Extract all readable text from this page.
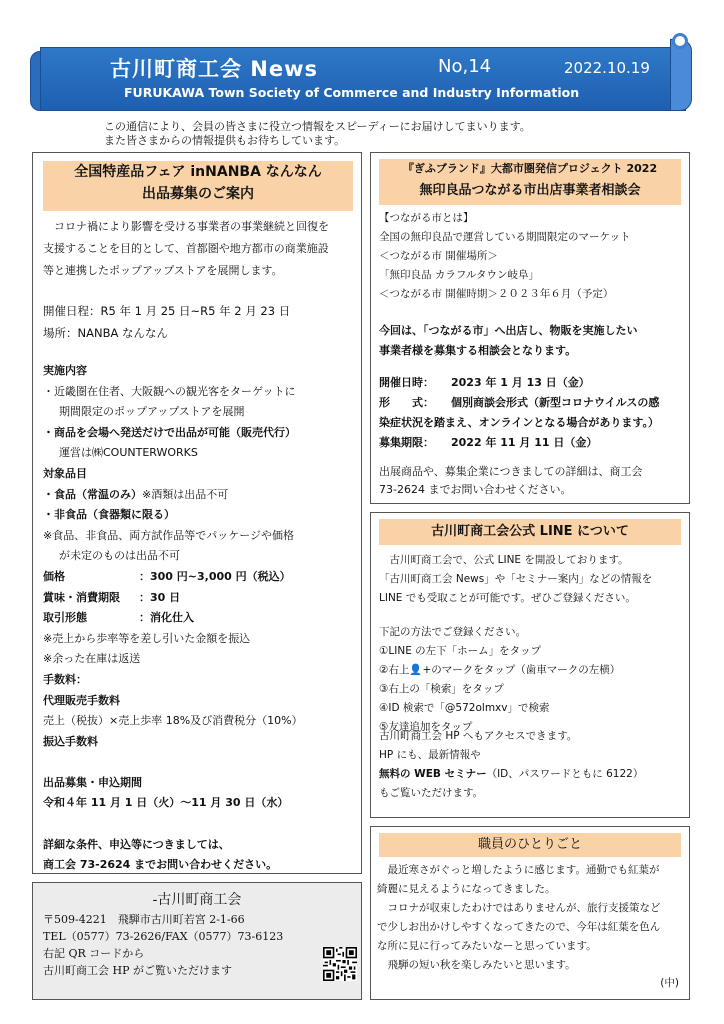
古川町商工会 News	No,14	2022.10.19
FURUKAWA Town Society of Commerce and Industry Information
この通信により、会員の皆さまに役立つ情報をスピーディーにお届けしてまいります。
また皆さまからの情報提供もお待ちしています。
全国特産品フェア inNANBA なんなん
出品募集のご案内
　コロナ禍により影響を受ける事業者の事業継続と回復を
支援することを目的として、首都圏や地方都市の商業施設
等と連携したポップアップストアを展開します。
開催日程：R5 年 1 月 25 日~R5 年 2 月 23 日
場所：NANBA なんなん
実施内容
・近畿圏在住者、大阪観への観光客をターゲットに
期間限定のポップアップストアを展開
・商品を会場へ発送だけで出品が可能（販売代行）
運営は㈱COUNTERWORKS
対象品目
・食品（常温のみ）※酒類は出品不可
・非食品（食器類に限る）
※食品、非食品、両方試作品等でパッケージや価格
が未定のものは出品不可
価格	：300 円~3,000 円（税込）
賞味・消費期限 ：30 日
取引形態	：消化仕入
※売上から歩率等を差し引いた金額を振込
※余った在庫は返送
手数料：
代理販売手数料
売上（税抜）×売上歩率 18%及び消費税分（10%）
振込手数料
出品募集・申込期間
令和４年 11 月 1 日（火）～11 月 30 日（水）
詳細な条件、申込等につきましては、
商工会 73-2624 までお問い合わせください。
-古川町商工会
〒509-4221　飛騨市古川町若宮 2-1-66
TEL（0577）73-2626/FAX（0577）73-6123
右記 QR コードから
古川町商工会 HP がご覧いただけます
『ぎふブランド』大都市圏発信プロジェクト 2022
無印良品つながる市出店事業者相談会
【つながる市とは】
全国の無印良品で運営している期間限定のマーケット
＜つながる市 開催場所＞
「無印良品 カラフルタウン岐阜」
＜つながる市 開催時期＞２０２３年６月（予定）
今回は、「つながる市」へ出店し、物販を実施したい
事業者様を募集する相談会となります。
開催日時： 2023 年 1 月 13 日（金）
形　　式： 個別商談会形式（新型コロナウイルスの感
染症状況を踏まえ、オンラインとなる場合があります。）
募集期限： 2022 年 11 月 11 日（金）
出展商品や、募集企業につきましての詳細は、商工会
73-2624 までお問い合わせください。
古川町商工会公式 LINE について
　古川町商工会で、公式 LINE を開設しております。
「古川町商工会 News」や「セミナー案内」などの情報を
LINE でも受取ことが可能です。ぜひご登録ください。
下記の方法でご登録ください。
①LINE の左下「ホーム」をタップ
②右上👤+のマークをタップ（歯車マークの左横）
③右上の「検索」をタップ
④ID 検索で「@572olmxv」で検索
⑤友達追加をタップ
古川町商工会 HP へもアクセスできます。
HP にも、最新情報や
無料の WEB セミナー（ID、パスワードともに 6122）
もご覧いただけます。
職員のひとりごと
　最近寒さがぐっと増したように感じます。通勤でも紅葉が
綺麗に見えるようになってきました。
　コロナが収束したわけではありませんが、旅行支援策など
で少しお出かけしやすくなってきたので、今年は紅葉を色ん
な所に見に行ってみたいなーと思っています。
　飛騨の短い秋を楽しみたいと思います。
(中)
